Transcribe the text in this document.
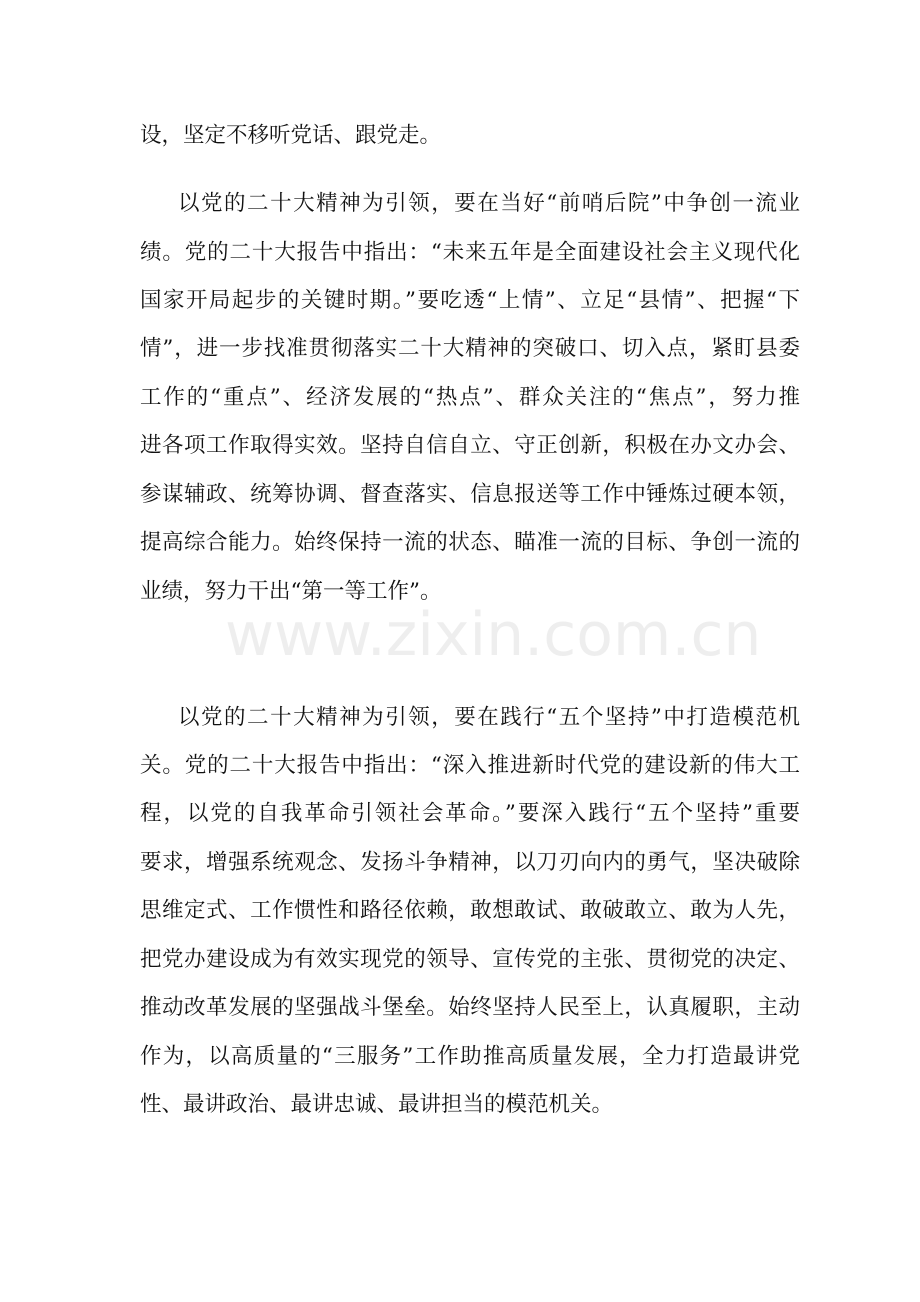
设，坚定不移听党话、跟党走。
以党的二十大精神为引领，要在当好“前哨后院”中争创一流业
绩。党的二十大报告中指出：“未来五年是全面建设社会主义现代化
国家开局起步的关键时期。”要吃透“上情”、立足“县情”、把握“下
情”，进一步找准贯彻落实二十大精神的突破口、切入点，紧盯县委
工作的“重点”、经济发展的“热点”、群众关注的“焦点”，努力推
进各项工作取得实效。坚持自信自立、守正创新，积极在办文办会、
参谋辅政、统筹协调、督查落实、信息报送等工作中锤炼过硬本领，
提高综合能力。始终保持一流的状态、瞄准一流的目标、争创一流的
业绩，努力干出“第一等工作”。
以党的二十大精神为引领，要在践行“五个坚持”中打造模范机
关。党的二十大报告中指出：“深入推进新时代党的建设新的伟大工
程，以党的自我革命引领社会革命。”要深入践行“五个坚持”重要
要求，增强系统观念、发扬斗争精神，以刀刃向内的勇气，坚决破除
思维定式、工作惯性和路径依赖，敢想敢试、敢破敢立、敢为人先，
把党办建设成为有效实现党的领导、宣传党的主张、贯彻党的决定、
推动改革发展的坚强战斗堡垒。始终坚持人民至上，认真履职，主动
作为，以高质量的“三服务”工作助推高质量发展，全力打造最讲党
性、最讲政治、最讲忠诚、最讲担当的模范机关。
www.zixin.com.cn
